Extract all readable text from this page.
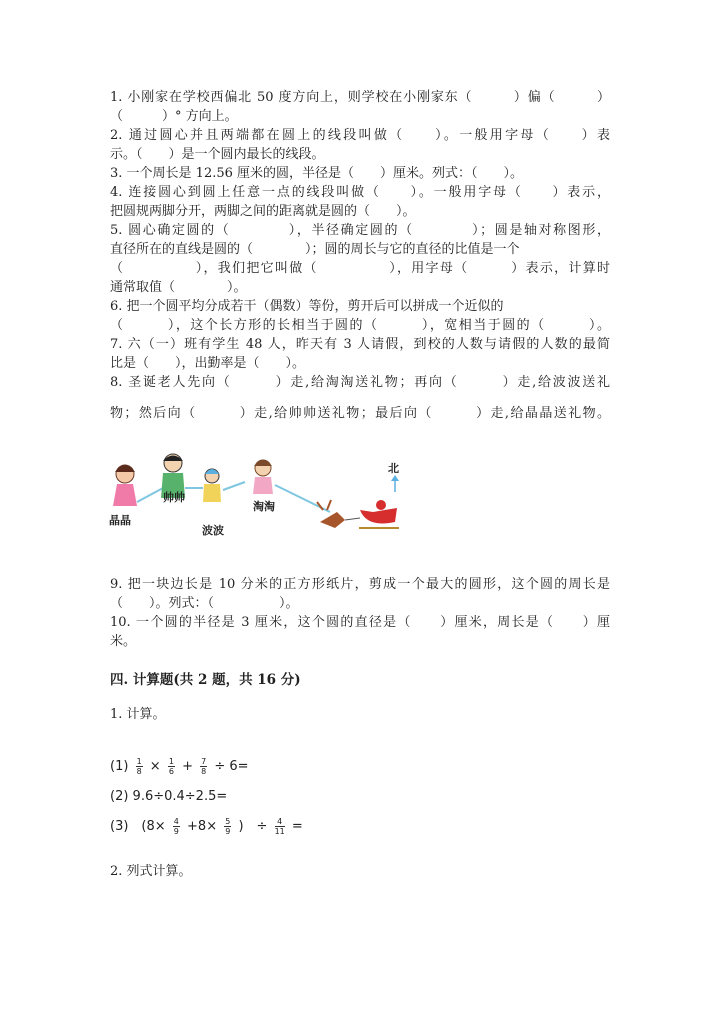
1. 小刚家在学校西偏北 50 度方向上，则学校在小刚家东（　　　）偏（　　　）
（　　　）° 方向上。
2. 通过圆心并且两端都在圆上的线段叫做（　　）。一般用字母（　　）表
示。（　　）是一个圆内最长的线段。
3. 一个周长是 12.56 厘米的圆，半径是（　　）厘米。列式：（　　）。
4. 连接圆心到圆上任意一点的线段叫做（　　）。一般用字母（　　）表示，
把圆规两脚分开，两脚之间的距离就是圆的（　　）。
5. 圆心确定圆的（　　　　），半径确定圆的（　　　　）；圆是轴对称图形，
直径所在的直线是圆的（　　　　）；圆的周长与它的直径的比值是一个
（　　　　　），我们把它叫做（　　　　　），用字母（　　　）表示，计算时
通常取值（　　　　）。
6. 把一个圆平均分成若干（偶数）等份，剪开后可以拼成一个近似的
（　　　），这个长方形的长相当于圆的（　　　），宽相当于圆的（　　　）。
7. 六（一）班有学生 48 人，昨天有 3 人请假，到校的人数与请假的人数的最简
比是（　　），出勤率是（　　）。
8. 圣诞老人先向（　　　）走,给淘淘送礼物；再向（　　　）走,给波波送礼
物；然后向（　　　）走,给帅帅送礼物；最后向（　　　）走,给晶晶送礼物。
晶晶
帅帅
波波
淘淘
北
9. 把一块边长是 10 分米的正方形纸片，剪成一个最大的圆形，这个圆的周长是
（　　）。列式：（　　　　　）。
10. 一个圆的半径是 3 厘米，这个圆的直径是（　　）厘米，周长是（　　）厘
米。
四. 计算题(共 2 题，共 16 分)
1. 计算。
$(1) \frac{1}{8} \times \frac{1}{6} + \frac{7}{8} \div 6=$
(2) 9.6÷0.4÷2.5=
(3)　($8\times \frac{4}{9} +8\times \frac{5}{9}$ )　÷ $\frac{4}{11}$ =
2. 列式计算。
